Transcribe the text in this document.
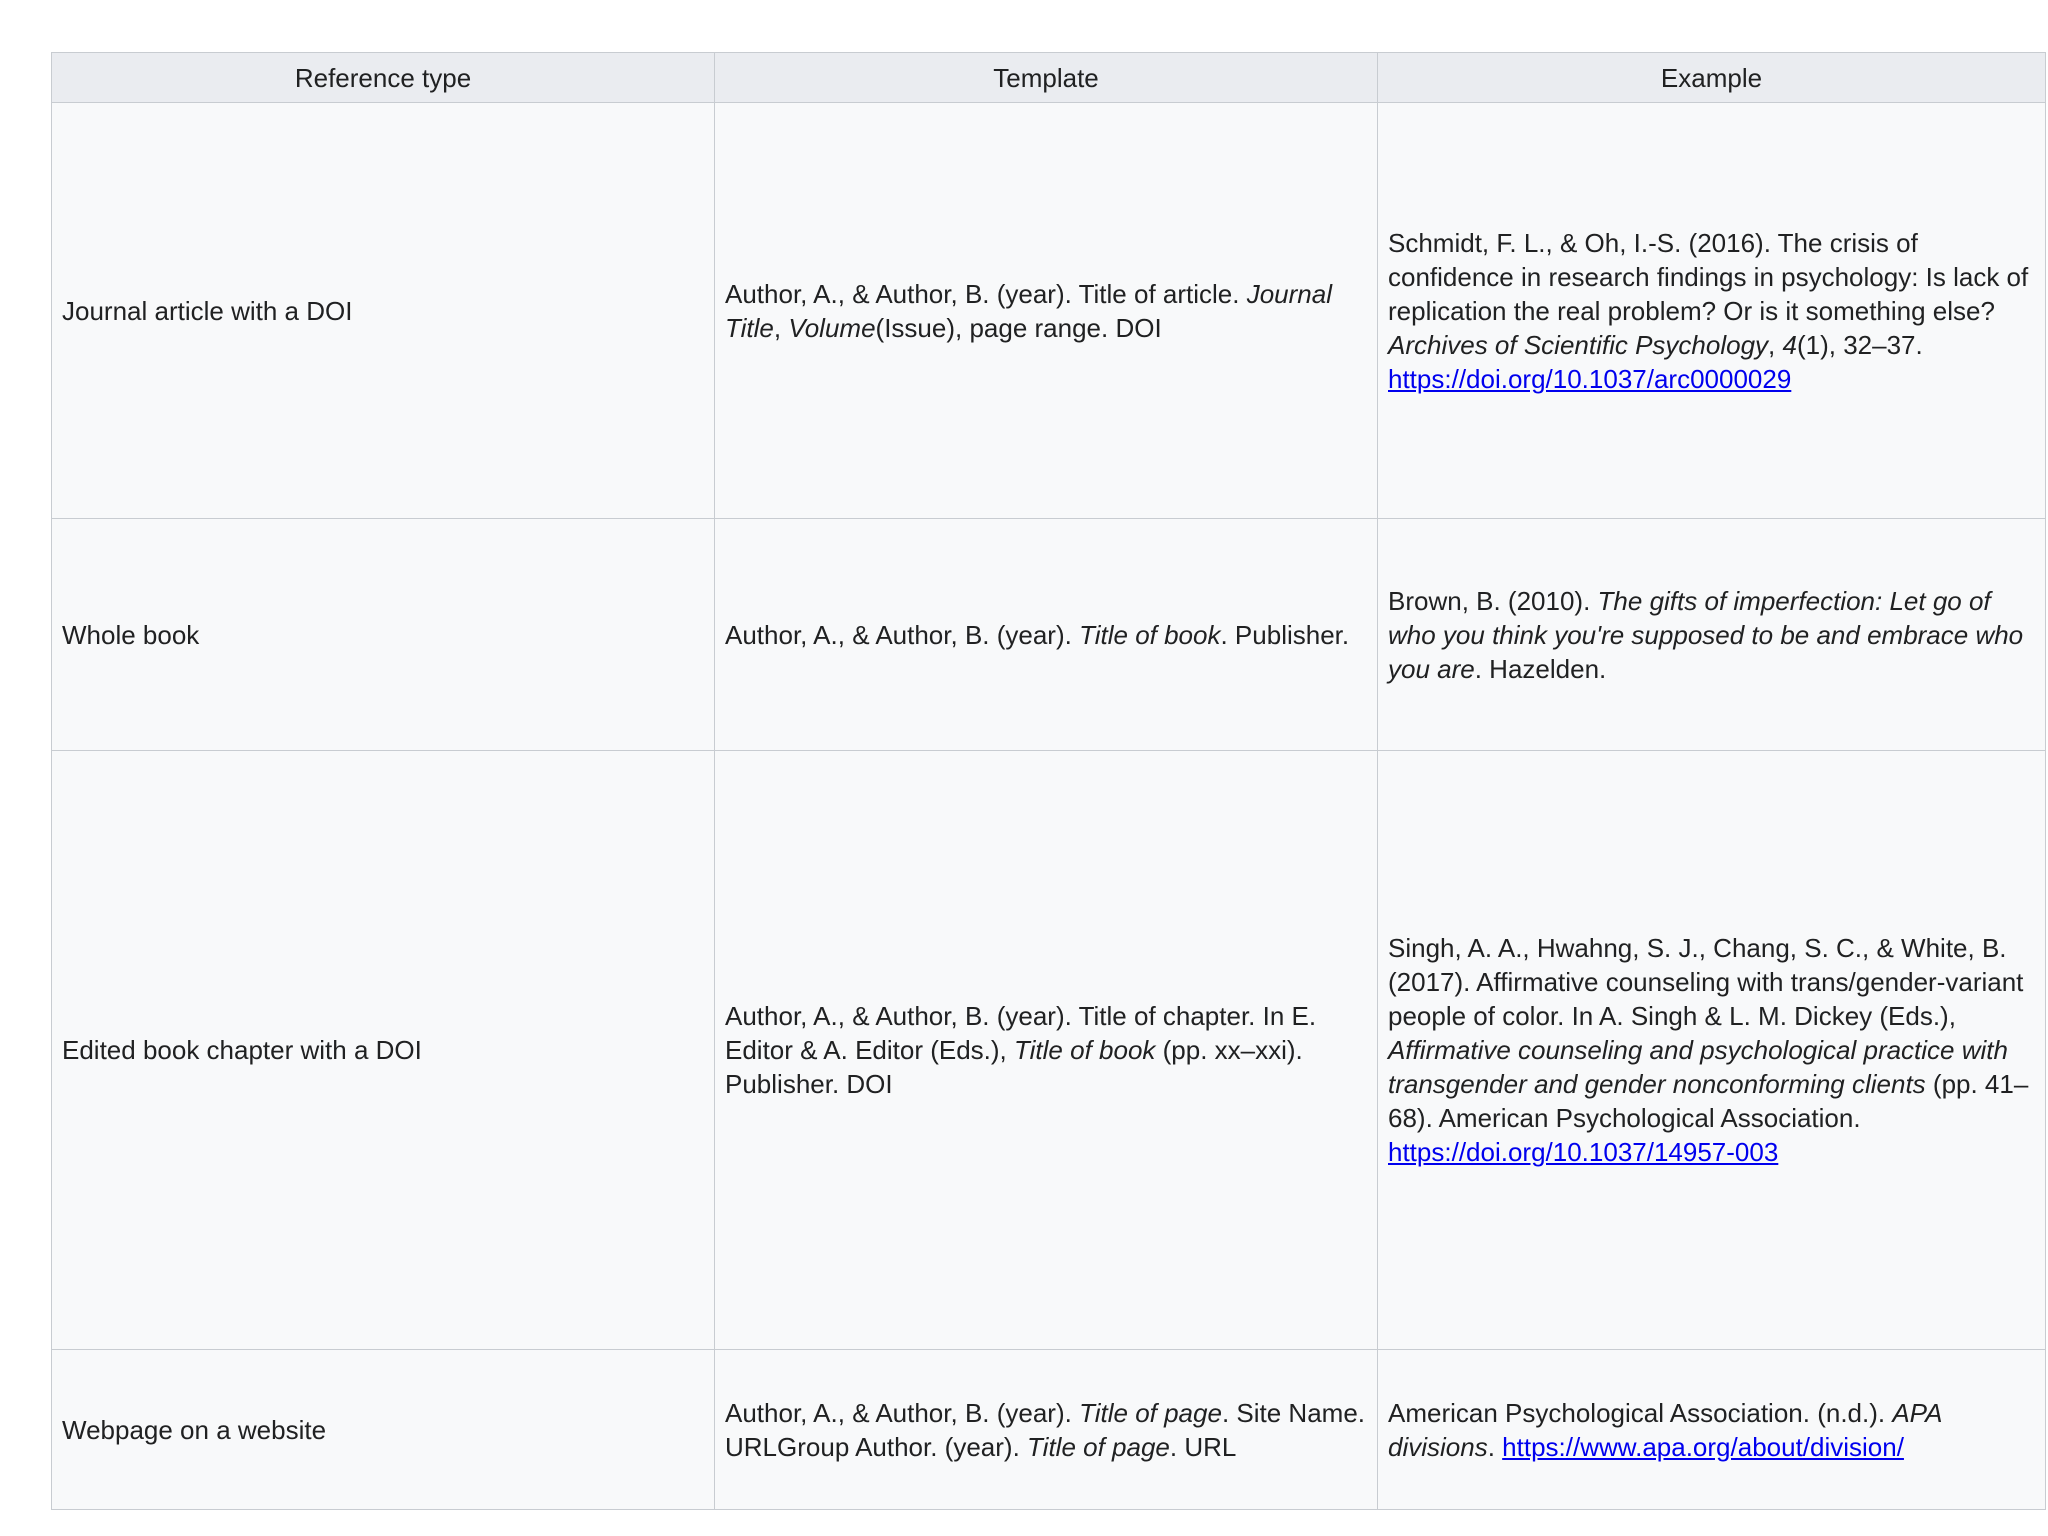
Reference type	Template	Example
Journal article with a DOI	Author, A., & Author, B. (year). Title of article. Journal Title, Volume(Issue), page range. DOI	Schmidt, F. L., & Oh, I.-S. (2016). The crisis of confidence in research findings in psychology: Is lack of replication the real problem? Or is it something else? Archives of Scientific Psychology, 4(1), 32–37. https://doi.org/10.1037/arc0000029
Whole book	Author, A., & Author, B. (year). Title of book. Publisher.	Brown, B. (2010). The gifts of imperfection: Let go of who you think you're supposed to be and embrace who you are. Hazelden.
Edited book chapter with a DOI	Author, A., & Author, B. (year). Title of chapter. In E. Editor & A. Editor (Eds.), Title of book (pp. xx–xxi). Publisher. DOI	Singh, A. A., Hwahng, S. J., Chang, S. C., & White, B. (2017). Affirmative counseling with trans/gender-variant people of color. In A. Singh & L. M. Dickey (Eds.), Affirmative counseling and psychological practice with transgender and gender nonconforming clients (pp. 41–68). American Psychological Association. https://doi.org/10.1037/14957-003
Webpage on a website	Author, A., & Author, B. (year). Title of page. Site Name. URLGroup Author. (year). Title of page. URL	American Psychological Association. (n.d.). APA divisions. https://www.apa.org/about/division/
